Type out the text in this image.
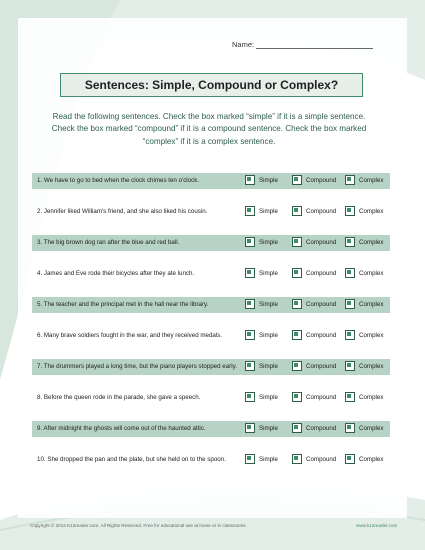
Name:
Sentences: Simple, Compound or Complex?
Read the following sentences. Check the box marked “simple” if it is a simple sentence. Check the box marked “compound” if it is a compound sentence. Check the box marked “complex” if it is a complex sentence.
1. We have to go to bed when the clock chimes ten o'clock.	Simple	Compound	Complex
2. Jennifer liked William's friend, and she also liked his cousin.	Simple	Compound	Complex
3. The big brown dog ran after the blue and red ball.	Simple	Compound	Complex
4. James and Eve rode their bicycles after they ate lunch.	Simple	Compound	Complex
5. The teacher and the principal met in the hall near the library.	Simple	Compound	Complex
6. Many brave soldiers fought in the war, and they received medals.	Simple	Compound	Complex
7. The drummers played a long time, but the piano players stopped early.	Simple	Compound	Complex
8. Before the queen rode in the parade, she gave a speech.	Simple	Compound	Complex
9. After midnight the ghosts will come out of the haunted attic.	Simple	Compound	Complex
10. She dropped the pan and the plate, but she held on to the spoon.	Simple	Compound	Complex
Copyright © 2013 K12reader.com. All Rights Reserved. Free for educational use at home or in classrooms.	www.k12reader.com
